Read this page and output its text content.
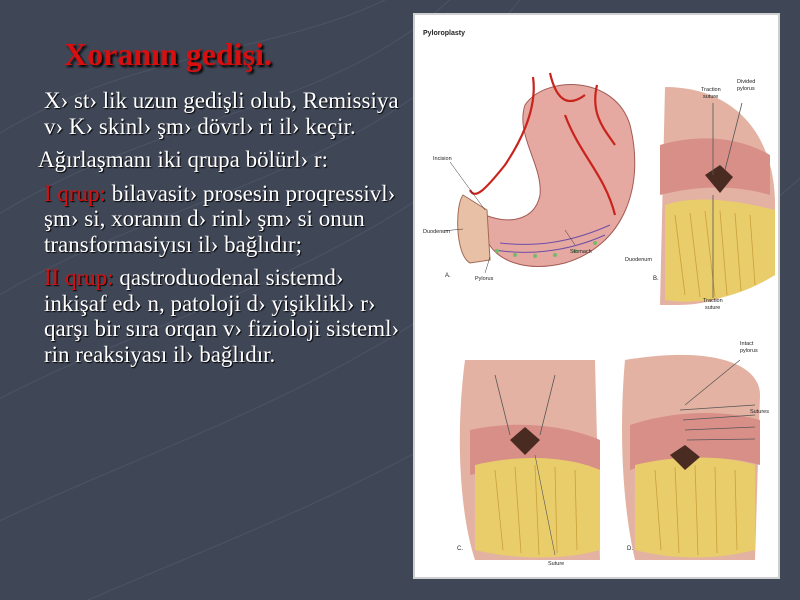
Xoranın gedişi.

X› st› lik uzun gedişli olub, Remissiya v› K› skinl› şm› dövrl› ri il› keçir.

Ağırlaşmanı iki qrupa bölürl› r:

I qrup: bilavasit› prosesin proqressivl› şm› si, xoranın d› rinl› şm› si onun transformasiyısı il› bağlıdır;

II qrup: qastroduodenal sistemd› inkişaf ed› n, patoloji d› yişiklikl› r› qarşı bir sıra orqan v› fizioloji sisteml› rin reaksiyası il› bağlıdır.

Pyloroplasty
Incision
Duodenum
Pylorus
Stomach
A.
Traction
suture
Divided
pylorus
Duodenum
Traction
suture
B.
Suture
C.
Intact
pylorus
Sutures
D.
